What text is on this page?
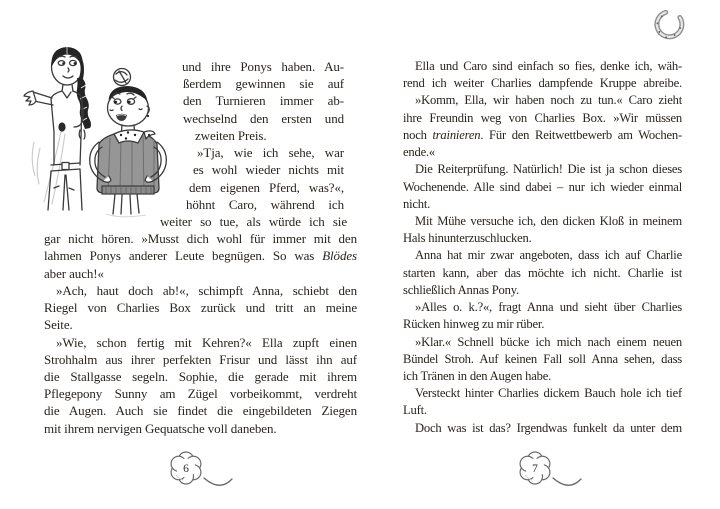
und ihre Ponys haben. Au-
ßerdem gewinnen sie auf
den Turnieren immer ab-
wechselnd den ersten und
zweiten Preis.
»Tja, wie ich sehe, war
es wohl wieder nichts mit
dem eigenen Pferd, was?«,
höhnt Caro, während ich
weiter so tue, als würde ich sie
gar nicht hören. »Musst dich wohl für immer mit den
lahmen Ponys anderer Leute begnügen. So was Blödes
aber auch!«
»Ach, haut doch ab!«, schimpft Anna, schiebt den
Riegel von Charlies Box zurück und tritt an meine
Seite.
»Wie, schon fertig mit Kehren?« Ella zupft einen
Strohhalm aus ihrer perfekten Frisur und lässt ihn auf
die Stallgasse segeln. Sophie, die gerade mit ihrem
Pflegepony Sunny am Zügel vorbeikommt, verdreht
die Augen. Auch sie findet die eingebildeten Ziegen
mit ihrem nervigen Gequatsche voll daneben.
6
Ella und Caro sind einfach so fies, denke ich, wäh-
rend ich weiter Charlies dampfende Kruppe abreibe.
»Komm, Ella, wir haben noch zu tun.« Caro zieht
ihre Freundin weg von Charlies Box. »Wir müssen
noch trainieren. Für den Reitwettbewerb am Wochen-
ende.«
Die Reiterprüfung. Natürlich! Die ist ja schon dieses
Wochenende. Alle sind dabei – nur ich wieder einmal
nicht.
Mit Mühe versuche ich, den dicken Kloß in meinem
Hals hinunterzuschlucken.
Anna hat mir zwar angeboten, dass ich auf Charlie
starten kann, aber das möchte ich nicht. Charlie ist
schließlich Annas Pony.
»Alles o. k.?«, fragt Anna und sieht über Charlies
Rücken hinweg zu mir rüber.
»Klar.« Schnell bücke ich mich nach einem neuen
Bündel Stroh. Auf keinen Fall soll Anna sehen, dass
ich Tränen in den Augen habe.
Versteckt hinter Charlies dickem Bauch hole ich tief
Luft.
Doch was ist das? Irgendwas funkelt da unter dem
7
